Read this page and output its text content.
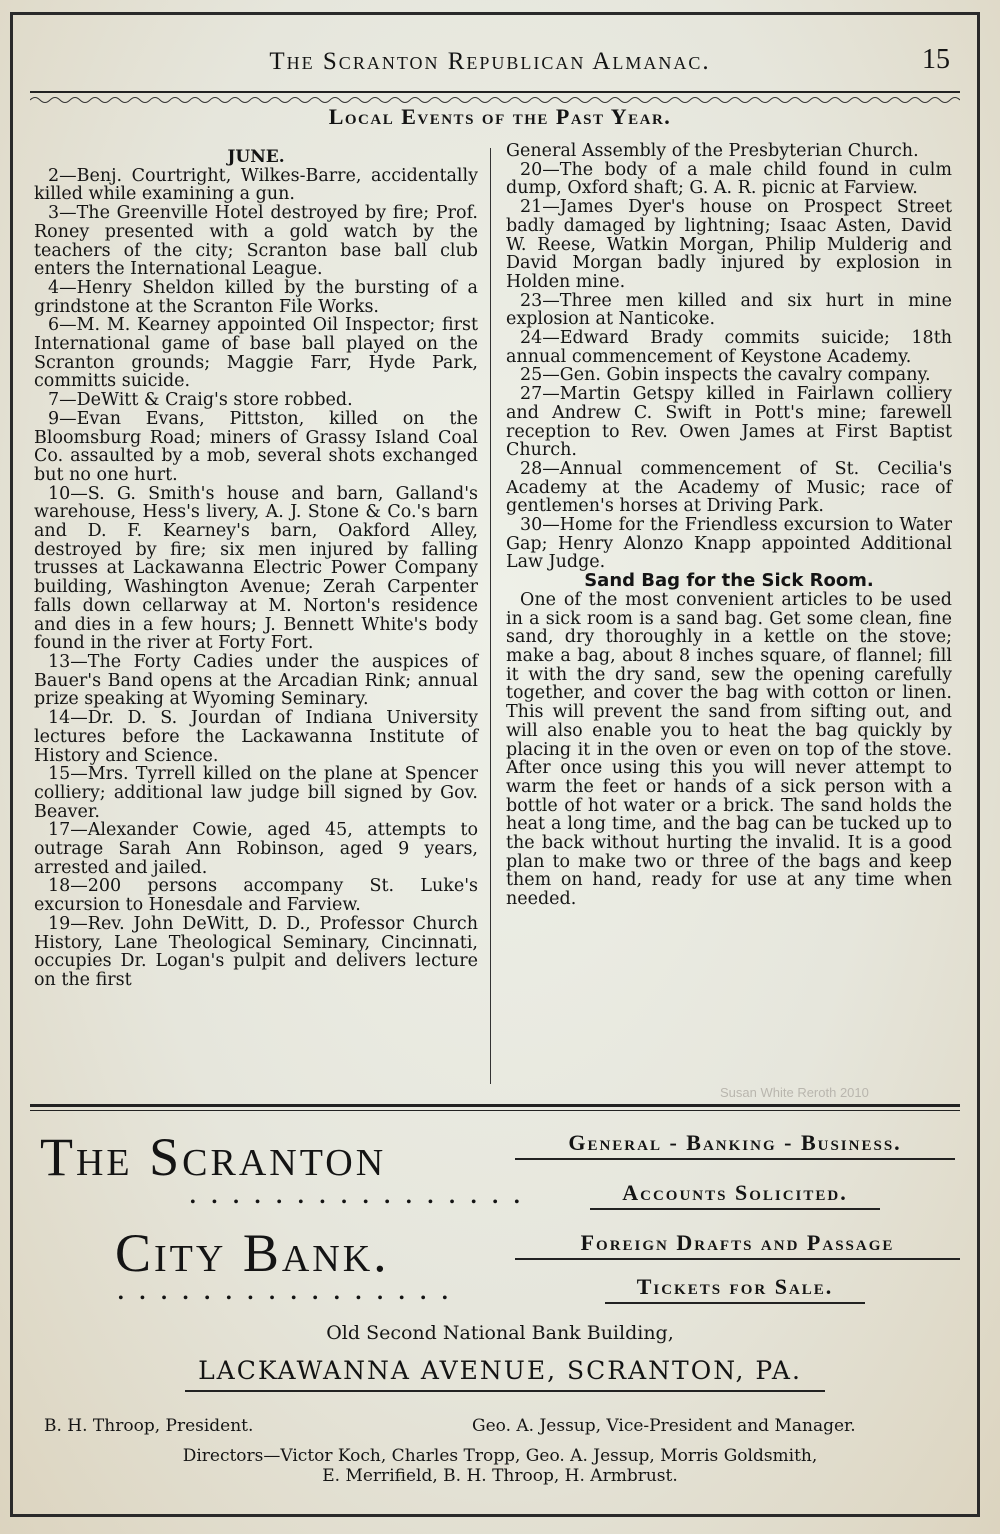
The Scranton Republican Almanac.	15
Local Events of the Past Year.

JUNE.

2—Benj. Courtright, Wilkes-Barre, accidentally killed while examining a gun.

3—The Greenville Hotel destroyed by fire; Prof. Roney presented with a gold watch by the teachers of the city; Scranton base ball club enters the International League.

4—Henry Sheldon killed by the bursting of a grindstone at the Scranton File Works.

6—M. M. Kearney appointed Oil Inspector; first International game of base ball played on the Scranton grounds; Maggie Farr, Hyde Park, committs suicide.

7—DeWitt & Craig's store robbed.

9—Evan Evans, Pittston, killed on the Bloomsburg Road; miners of Grassy Island Coal Co. assaulted by a mob, several shots exchanged but no one hurt.

10—S. G. Smith's house and barn, Galland's warehouse, Hess's livery, A. J. Stone & Co.'s barn and D. F. Kearney's barn, Oakford Alley, destroyed by fire; six men injured by falling trusses at Lackawanna Electric Power Company building, Washington Avenue; Zerah Carpenter falls down cellarway at M. Norton's residence and dies in a few hours; J. Bennett White's body found in the river at Forty Fort.

13—The Forty Cadies under the auspices of Bauer's Band opens at the Arcadian Rink; annual prize speaking at Wyoming Seminary.

14—Dr. D. S. Jourdan of Indiana University lectures before the Lackawanna Institute of History and Science.

15—Mrs. Tyrrell killed on the plane at Spencer colliery; additional law judge bill signed by Gov. Beaver.

17—Alexander Cowie, aged 45, attempts to outrage Sarah Ann Robinson, aged 9 years, arrested and jailed.

18—200 persons accompany St. Luke's excursion to Honesdale and Farview.

19—Rev. John DeWitt, D. D., Professor Church History, Lane Theological Seminary, Cincinnati, occupies Dr. Logan's pulpit and delivers lecture on the first

General Assembly of the Presbyterian Church.

20—The body of a male child found in culm dump, Oxford shaft; G. A. R. picnic at Farview.

21—James Dyer's house on Prospect Street badly damaged by lightning; Isaac Asten, David W. Reese, Watkin Morgan, Philip Mulderig and David Morgan badly injured by explosion in Holden mine.

23—Three men killed and six hurt in mine explosion at Nanticoke.

24—Edward Brady commits suicide; 18th annual commencement of Keystone Academy.

25—Gen. Gobin inspects the cavalry company.

27—Martin Getspy killed in Fairlawn colliery and Andrew C. Swift in Pott's mine; farewell reception to Rev. Owen James at First Baptist Church.

28—Annual commencement of St. Cecilia's Academy at the Academy of Music; race of gentlemen's horses at Driving Park.

30—Home for the Friendless excursion to Water Gap; Henry Alonzo Knapp appointed Additional Law Judge.

Sand Bag for the Sick Room.

One of the most convenient articles to be used in a sick room is a sand bag. Get some clean, fine sand, dry thoroughly in a kettle on the stove; make a bag, about 8 inches square, of flannel; fill it with the dry sand, sew the opening carefully together, and cover the bag with cotton or linen. This will prevent the sand from sifting out, and will also enable you to heat the bag quickly by placing it in the oven or even on top of the stove. After once using this you will never attempt to warm the feet or hands of a sick person with a bottle of hot water or a brick. The sand holds the heat a long time, and the bag can be tucked up to the back without hurting the invalid. It is a good plan to make two or three of the bags and keep them on hand, ready for use at any time when needed.

Susan White Reroth 2010
The Scranton
• • • • • • • • • • • • • • • •
City Bank.
• • • • • • • • • • • • • • • •
General - Banking - Business.
Accounts Solicited.
Foreign Drafts and Passage
Tickets for Sale.
Old Second National Bank Building,
LACKAWANNA AVENUE, SCRANTON, PA.
B. H. Throop, President.	Geo. A. Jessup, Vice-President and Manager.
Directors—Victor Koch, Charles Tropp, Geo. A. Jessup, Morris Goldsmith,
E. Merrifield, B. H. Throop, H. Armbrust.
